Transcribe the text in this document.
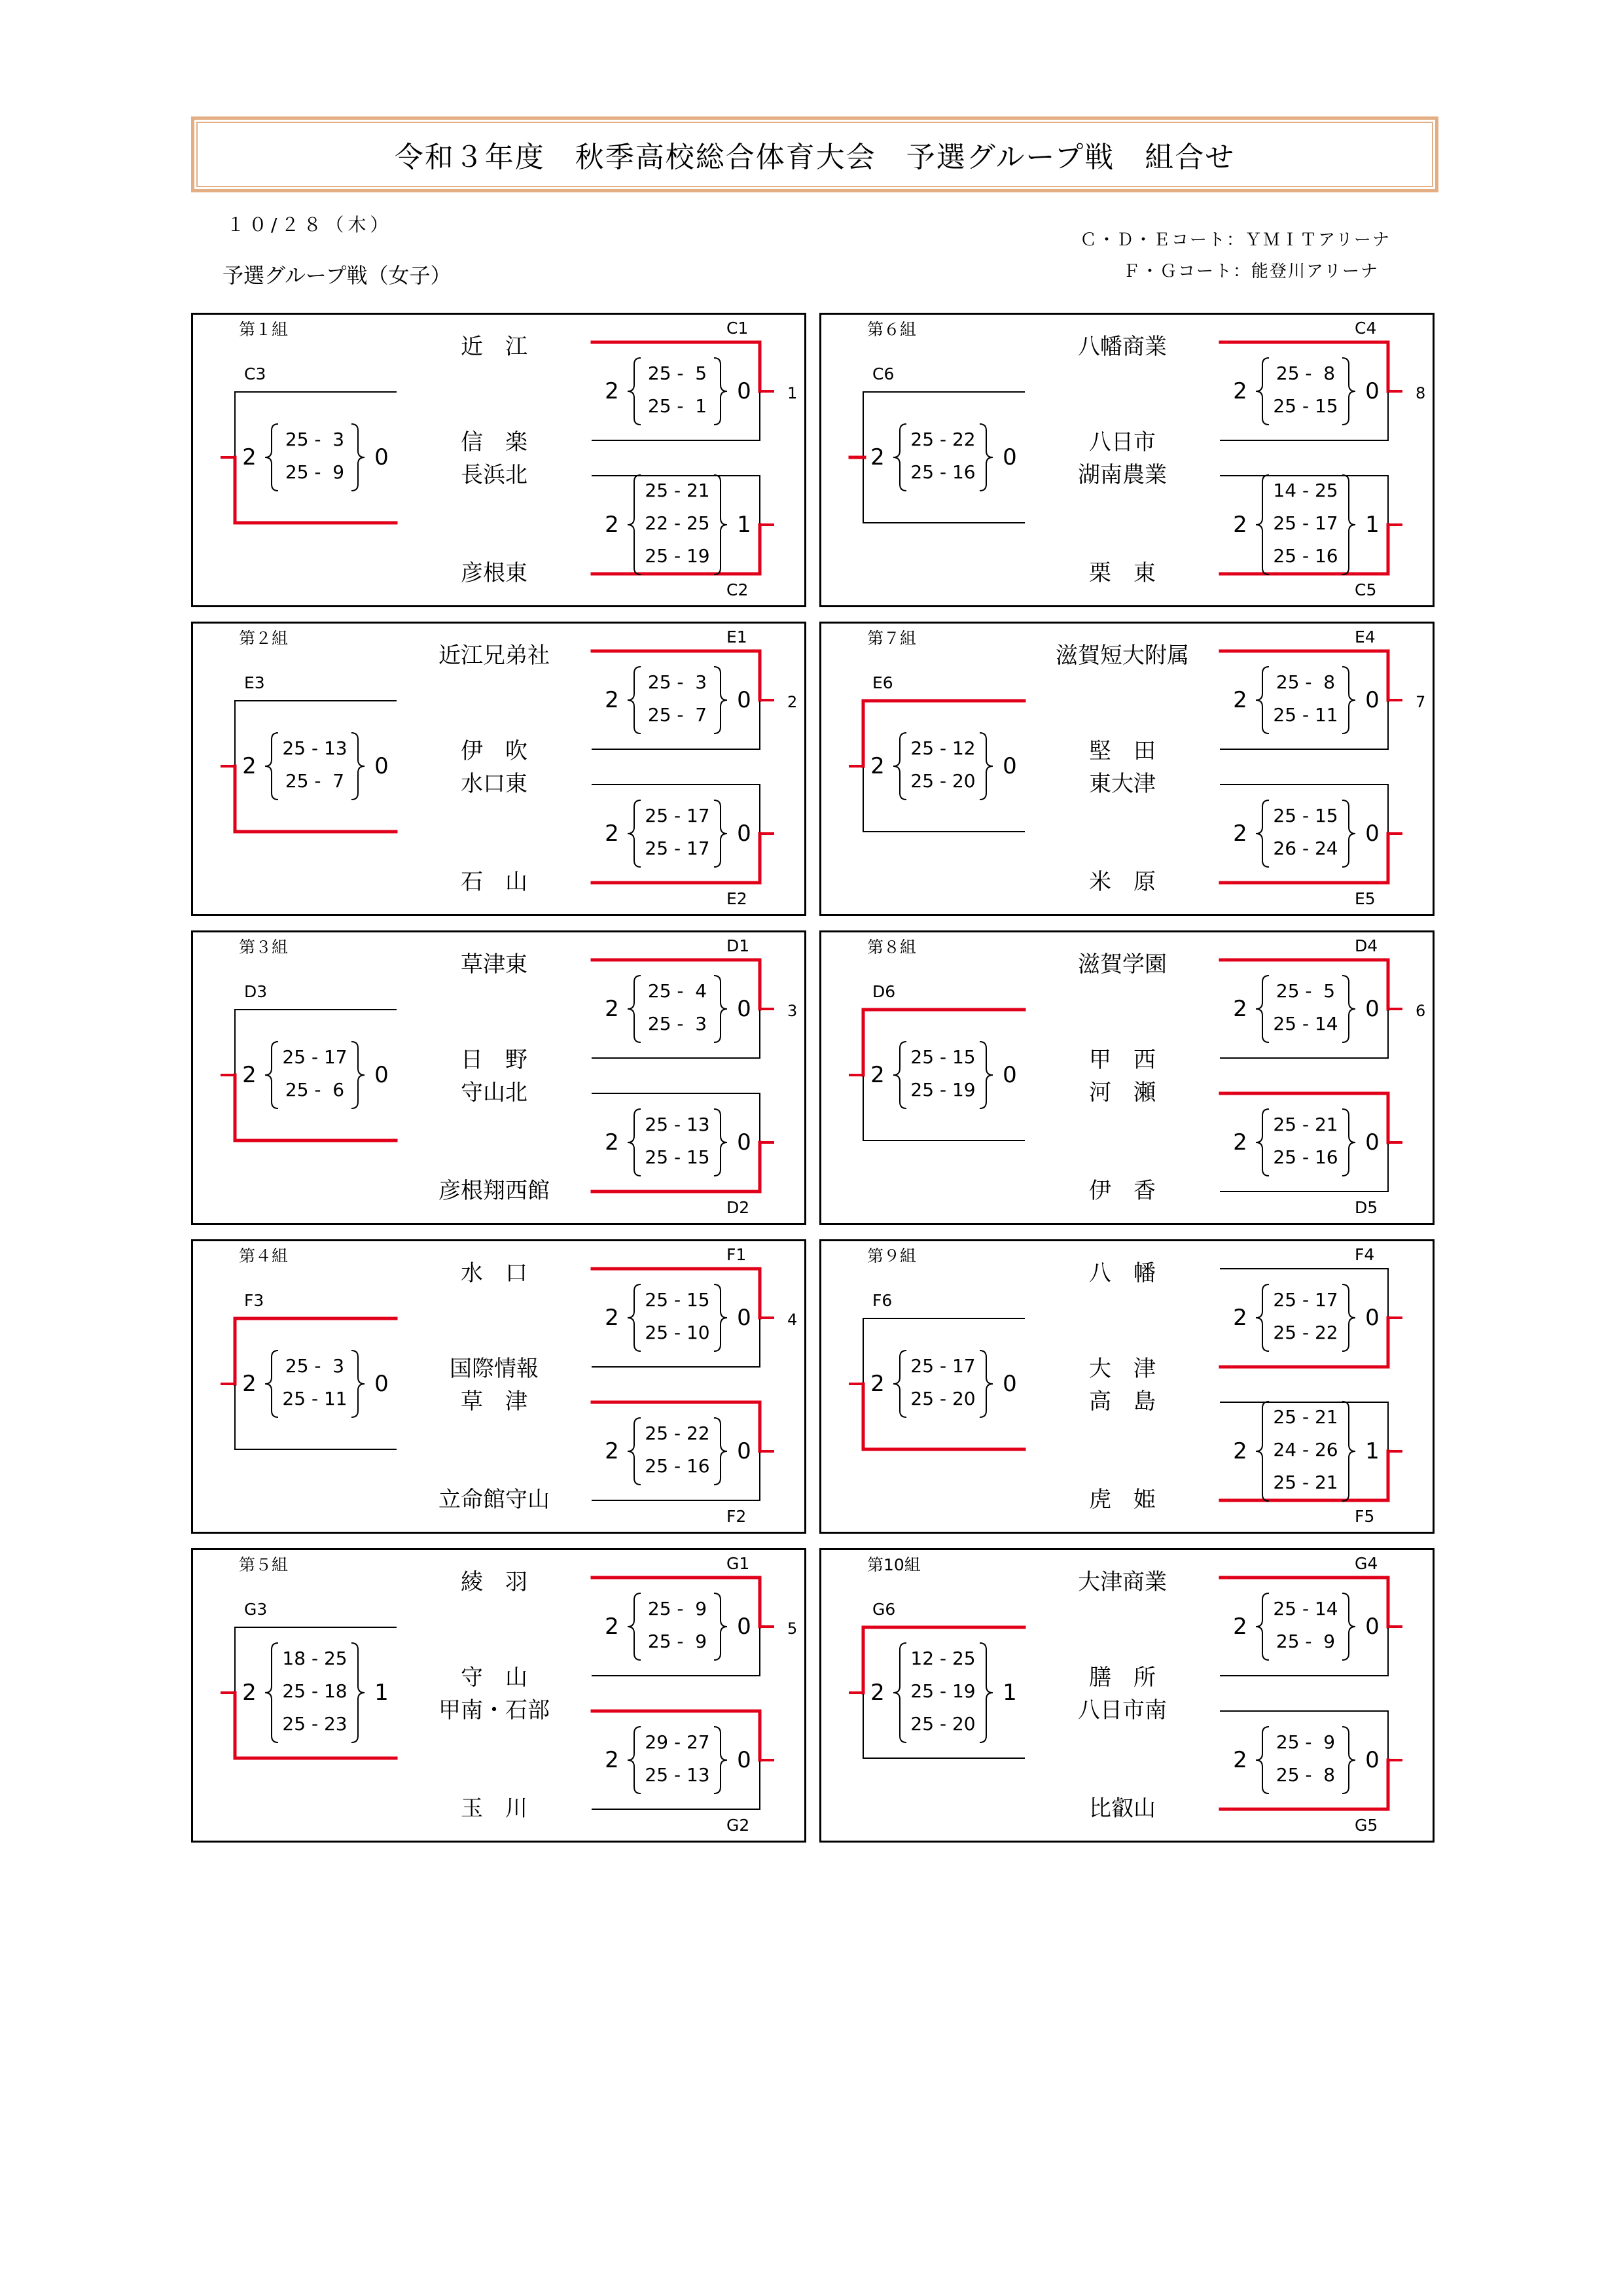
令和３年度　秋季高校総合体育大会　予選グループ戦　組合せ
１０/２８（木）
Ｃ・Ｄ・Ｅコート：ＹＭＩＴアリーナ
Ｆ・Ｇコート：能登川アリーナ
予選グループ戦（女子）
第１組
近　江
信　楽
長浜北
彦根東
C1
C2
C3
1
25 -  5
25 -  1
2	0
25 - 21
22 - 25
25 - 19
2	1
25 -  3
25 -  9
2	0
第６組
八幡商業
八日市
湖南農業
栗　東
C4
C5
C6
8
25 -  8
25 - 15
2	0
14 - 25
25 - 17
25 - 16
2	1
25 - 22
25 - 16
2	0
第２組
近江兄弟社
伊　吹
水口東
石　山
E1
E2
E3
2
25 -  3
25 -  7
2	0
25 - 17
25 - 17
2	0
25 - 13
25 -  7
2	0
第７組
滋賀短大附属
堅　田
東大津
米　原
E4
E5
E6
7
25 -  8
25 - 11
2	0
25 - 15
26 - 24
2	0
25 - 12
25 - 20
2	0
第３組
草津東
日　野
守山北
彦根翔西館
D1
D2
D3
3
25 -  4
25 -  3
2	0
25 - 13
25 - 15
2	0
25 - 17
25 -  6
2	0
第８組
滋賀学園
甲　西
河　瀬
伊　香
D4
D5
D6
6
25 -  5
25 - 14
2	0
25 - 21
25 - 16
2	0
25 - 15
25 - 19
2	0
第４組
水　口
国際情報
草　津
立命館守山
F1
F2
F3
4
25 - 15
25 - 10
2	0
25 - 22
25 - 16
2	0
25 -  3
25 - 11
2	0
第９組
八　幡
大　津
高　島
虎　姫
F4
F5
F6	25 - 17
25 - 22
2	0
25 - 21
24 - 26
25 - 21
2	1
25 - 17
25 - 20
2	0
第５組
綾　羽
守　山
甲南・石部
玉　川
G1
G2
G3
5
25 -  9
25 -  9
2	0
29 - 27
25 - 13
2	0
18 - 25
25 - 18
25 - 23
2	1
第10組
大津商業
膳　所
八日市南
比叡山
G4
G5
G6	25 - 14
25 -  9
2	0
25 -  9
25 -  8
2	0
12 - 25
25 - 19
25 - 20
2	1
